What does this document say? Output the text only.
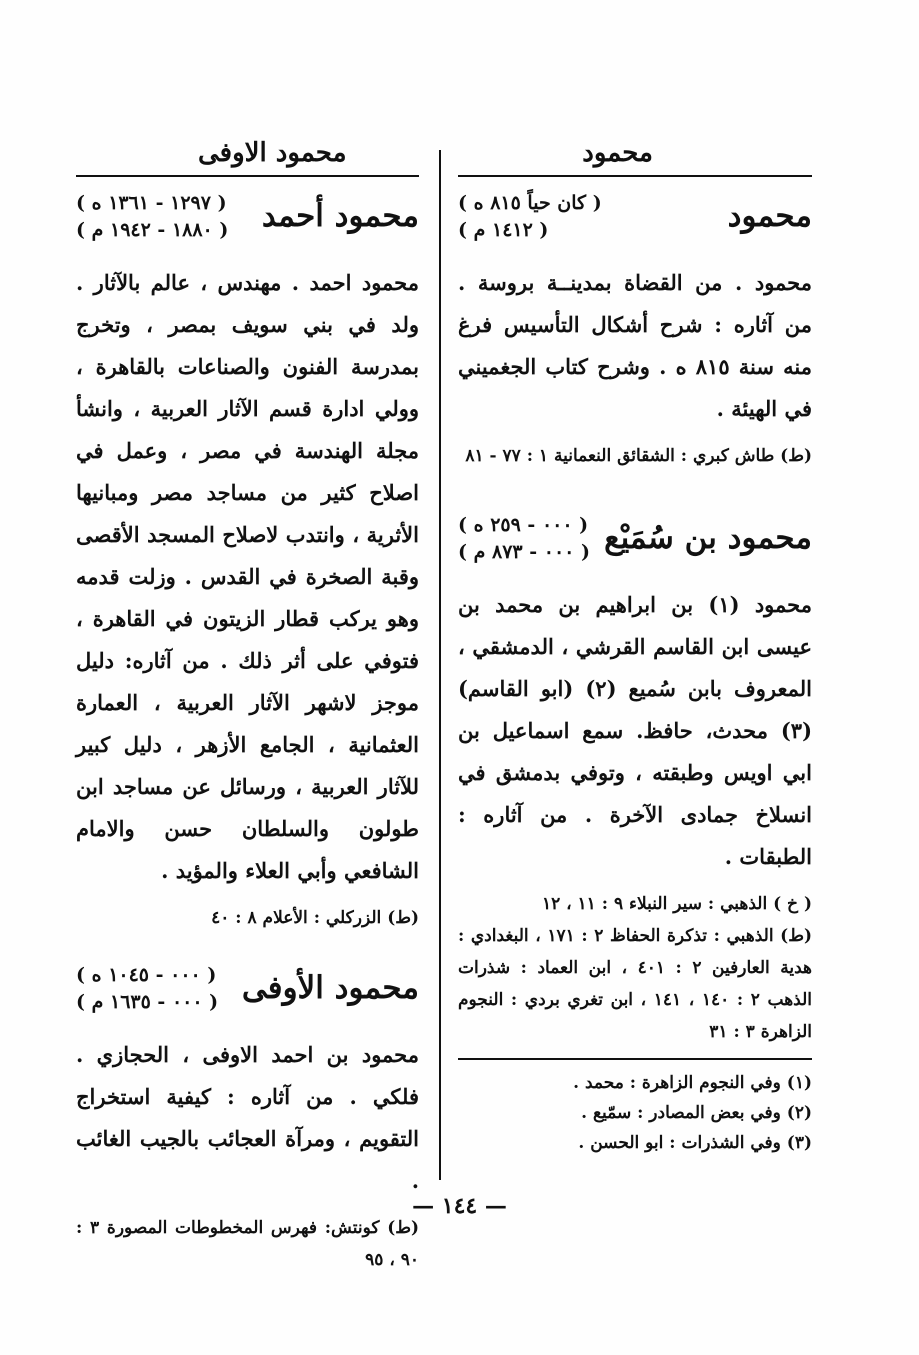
محمود
محمود الاوفى
محمود
( كان حياً ٨١٥ ه )
( ١٤١٢ م )

محمود . من القضاة بمدينــة بروسة . من آثاره : شرح أشكال التأسيس فرغ منه سنة ٨١٥ ه . وشرح كتاب الجغميني في الهيئة .

(ط) طاش كبري : الشقائق النعمانية ١ : ٧٧ - ٨١

محمود بن سُمَيْع
( ٠٠٠ - ٢٥٩ ه )
( ٠٠٠ - ٨٧٣ م )

محمود (١) بن ابراهيم بن محمد بن عيسى ابن القاسم القرشي ، الدمشقي ، المعروف بابن سُميع (٢) (ابو القاسم) (٣) محدث، حافظ. سمع اسماعيل بن ابي اويس وطبقته ، وتوفي بدمشق في انسلاخ جمادى الآخرة . من آثاره : الطبقات .

( خ ) الذهبي : سير النبلاء ٩ : ١١ ، ١٢

(ط) الذهبي : تذكرة الحفاظ ٢ : ١٧١ ، البغدادي : هدية العارفين ٢ : ٤٠١ ، ابن العماد : شذرات الذهب ٢ : ١٤٠ ، ١٤١ ، ابن تغري بردي : النجوم الزاهرة ٣ : ٣١

(١) وفي النجوم الزاهرة : محمد .

(٢) وفي بعض المصادر : سمّيع .

(٣) وفي الشذرات : ابو الحسن .

محمود أحمد
( ١٢٩٧ - ١٣٦١ ه )
( ١٨٨٠ - ١٩٤٢ م )

محمود احمد . مهندس ، عالم بالآثار . ولد في بني سويف بمصر ، وتخرج بمدرسة الفنون والصناعات بالقاهرة ، وولي ادارة قسم الآثار العربية ، وانشأ مجلة الهندسة في مصر ، وعمل في اصلاح كثير من مساجد مصر ومبانيها الأثرية ، وانتدب لاصلاح المسجد الأقصى وقبة الصخرة في القدس . وزلت قدمه وهو يركب قطار الزيتون في القاهرة ، فتوفي على أثر ذلك . من آثاره: دليل موجز لاشهر الآثار العربية ، العمارة العثمانية ، الجامع الأزهر ، دليل كبير للآثار العربية ، ورسائل عن مساجد ابن طولون والسلطان حسن والامام الشافعي وأبي العلاء والمؤيد .

(ط) الزركلي : الأعلام ٨ : ٤٠

محمود الأوفى
( ٠٠٠ - ١٠٤٥ ه )
( ٠٠٠ - ١٦٣٥ م )

محمود بن احمد الاوفى ، الحجازي . فلكي . من آثاره : كيفية استخراج التقويم ، ومرآة العجائب بالجيب الغائب .

(ط) كونتش: فهرس المخطوطات المصورة ٣ : ٩٠ ، ٩٥

— ١٤٤ —
